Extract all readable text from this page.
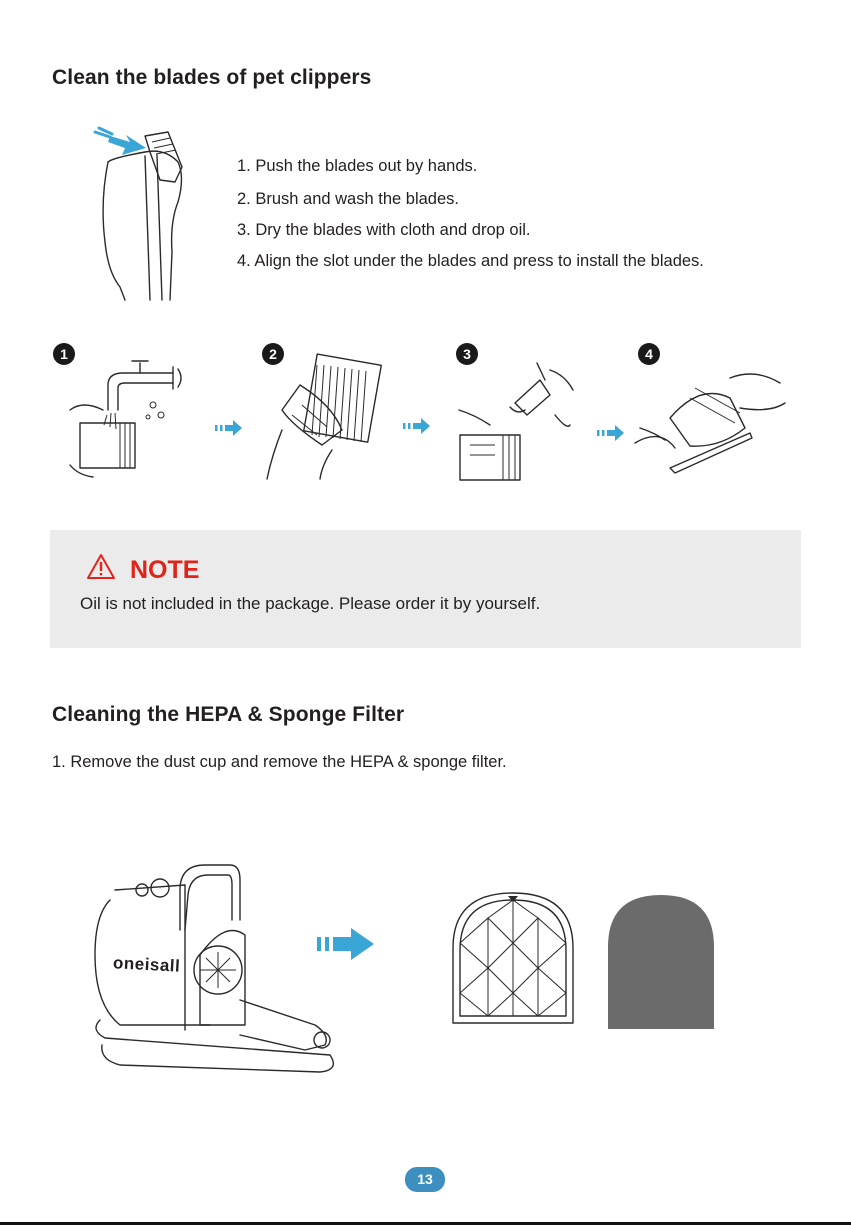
Clean the blades of pet clippers
1. Push the blades out by hands.
2. Brush and wash the blades.
3. Dry the blades with cloth and drop oil.
4. Align the slot under the blades and press to install the blades.
1	2	3	4
NOTE
Oil is not included in the package. Please order it by yourself.
Cleaning the HEPA & Sponge Filter
1. Remove the dust cup and remove the HEPA & sponge filter.
oneisall
13
